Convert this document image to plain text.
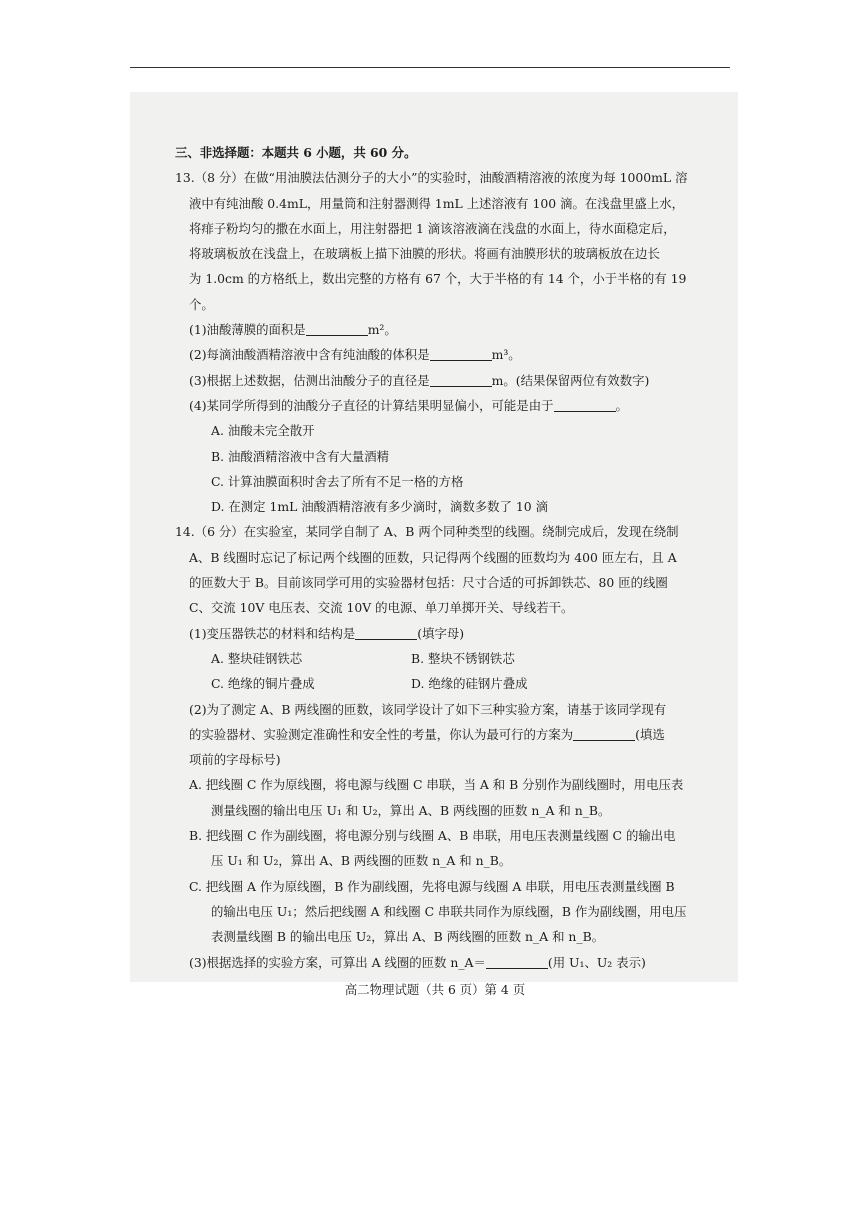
三、非选择题：本题共 6 小题，共 60 分。
13.（8 分）在做“用油膜法估测分子的大小”的实验时，油酸酒精溶液的浓度为每 1000mL 溶
液中有纯油酸 0.4mL，用量筒和注射器测得 1mL 上述溶液有 100 滴。在浅盘里盛上水，
将痱子粉均匀的撒在水面上，用注射器把 1 滴该溶液滴在浅盘的水面上，待水面稳定后，
将玻璃板放在浅盘上，在玻璃板上描下油膜的形状。将画有油膜形状的玻璃板放在边长
为 1.0cm 的方格纸上，数出完整的方格有 67 个，大于半格的有 14 个，小于半格的有 19
个。
(1)油酸薄膜的面积是	m²。
(2)每滴油酸酒精溶液中含有纯油酸的体积是	m³。
(3)根据上述数据，估测出油酸分子的直径是	m。(结果保留两位有效数字)
(4)某同学所得到的油酸分子直径的计算结果明显偏小，可能是由于	。
A. 油酸未完全散开
B. 油酸酒精溶液中含有大量酒精
C. 计算油膜面积时舍去了所有不足一格的方格
D. 在测定 1mL 油酸酒精溶液有多少滴时，滴数多数了 10 滴
14.（6 分）在实验室，某同学自制了 A、B 两个同种类型的线圈。绕制完成后，发现在绕制
A、B 线圈时忘记了标记两个线圈的匝数，只记得两个线圈的匝数均为 400 匝左右，且 A
的匝数大于 B。目前该同学可用的实验器材包括：尺寸合适的可拆卸铁芯、80 匝的线圈
C、交流 10V 电压表、交流 10V 的电源、单刀单掷开关、导线若干。
(1)变压器铁芯的材料和结构是	(填字母)
A. 整块硅钢铁芯	B. 整块不锈钢铁芯
C. 绝缘的铜片叠成	D. 绝缘的硅钢片叠成
(2)为了测定 A、B 两线圈的匝数，该同学设计了如下三种实验方案，请基于该同学现有
的实验器材、实验测定准确性和安全性的考量，你认为最可行的方案为	(填选
项前的字母标号)
A. 把线圈 C 作为原线圈，将电源与线圈 C 串联，当 A 和 B 分别作为副线圈时，用电压表
测量线圈的输出电压 U₁ 和 U₂，算出 A、B 两线圈的匝数 n_A 和 n_B。
B. 把线圈 C 作为副线圈，将电源分别与线圈 A、B 串联，用电压表测量线圈 C 的输出电
压 U₁ 和 U₂，算出 A、B 两线圈的匝数 n_A 和 n_B。
C. 把线圈 A 作为原线圈，B 作为副线圈，先将电源与线圈 A 串联，用电压表测量线圈 B
的输出电压 U₁；然后把线圈 A 和线圈 C 串联共同作为原线圈，B 作为副线圈，用电压
表测量线圈 B 的输出电压 U₂，算出 A、B 两线圈的匝数 n_A 和 n_B。
(3)根据选择的实验方案，可算出 A 线圈的匝数 n_A＝	(用 U₁、U₂ 表示)
高二物理试题（共 6 页）第 4 页
